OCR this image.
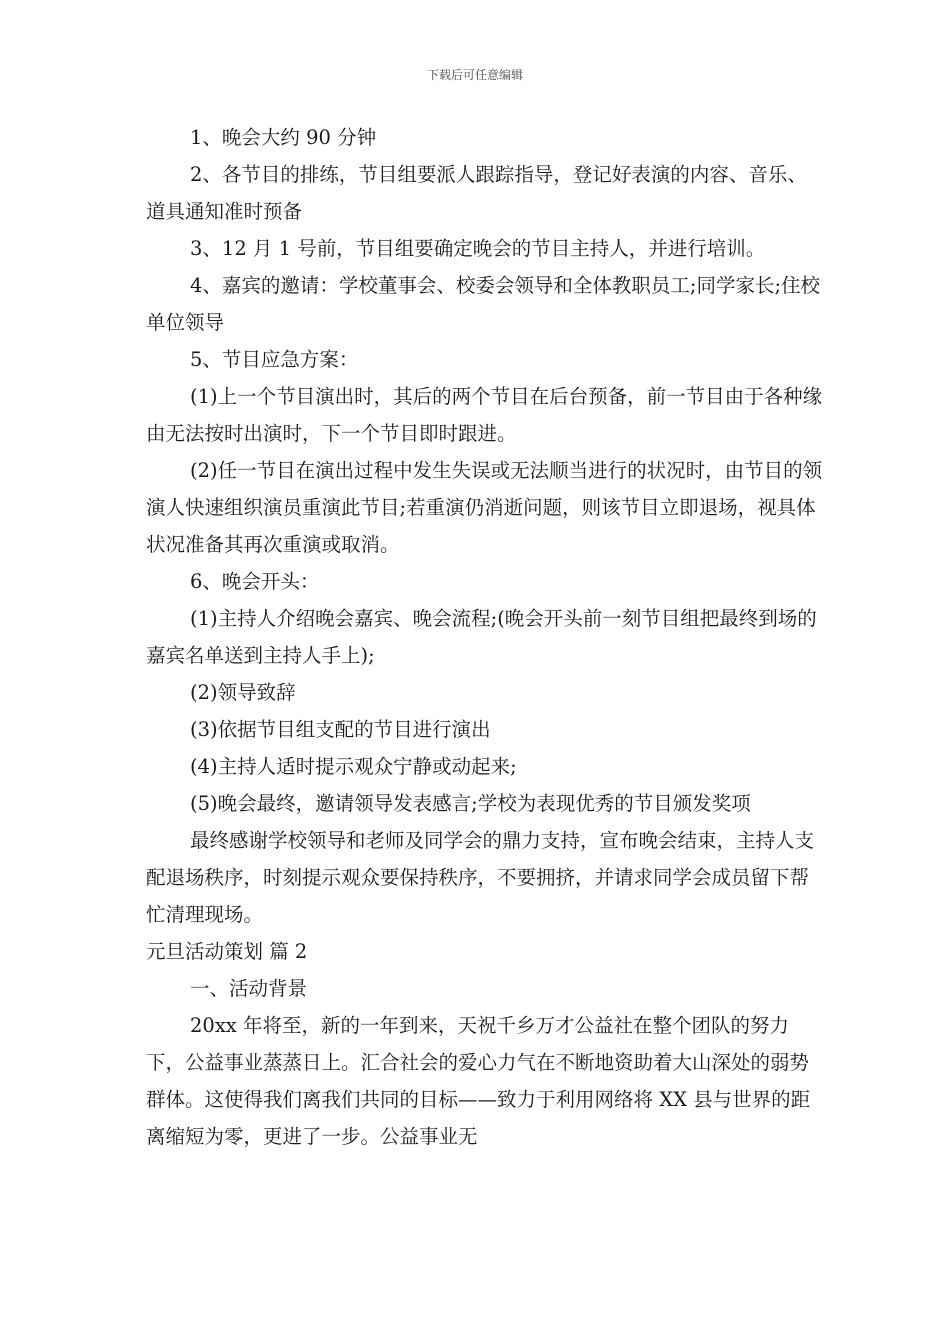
下载后可任意编辑

1、晚会大约 90 分钟

2、各节目的排练，节目组要派人跟踪指导，登记好表演的内容、音乐、道具通知准时预备

3、12 月 1 号前，节目组要确定晚会的节目主持人，并进行培训。

4、嘉宾的邀请：学校董事会、校委会领导和全体教职员工;同学家长;住校单位领导

5、节目应急方案：

(1)上一个节目演出时，其后的两个节目在后台预备，前一节目由于各种缘由无法按时出演时，下一个节目即时跟进。

(2)任一节目在演出过程中发生失误或无法顺当进行的状况时，由节目的领演人快速组织演员重演此节目;若重演仍消逝问题，则该节目立即退场，视具体状况准备其再次重演或取消。

6、晚会开头：

(1)主持人介绍晚会嘉宾、晚会流程;(晚会开头前一刻节目组把最终到场的嘉宾名单送到主持人手上);

(2)领导致辞

(3)依据节目组支配的节目进行演出

(4)主持人适时提示观众宁静或动起来;

(5)晚会最终，邀请领导发表感言;学校为表现优秀的节目颁发奖项

最终感谢学校领导和老师及同学会的鼎力支持，宣布晚会结束，主持人支配退场秩序，时刻提示观众要保持秩序，不要拥挤，并请求同学会成员留下帮忙清理现场。

元旦活动策划 篇 2

一、活动背景

20xx 年将至，新的一年到来，天祝千乡万才公益社在整个团队的努力下，公益事业蒸蒸日上。汇合社会的爱心力气在不断地资助着大山深处的弱势群体。这使得我们离我们共同的目标——致力于利用网络将 XX 县与世界的距离缩短为零，更进了一步。公益事业无
